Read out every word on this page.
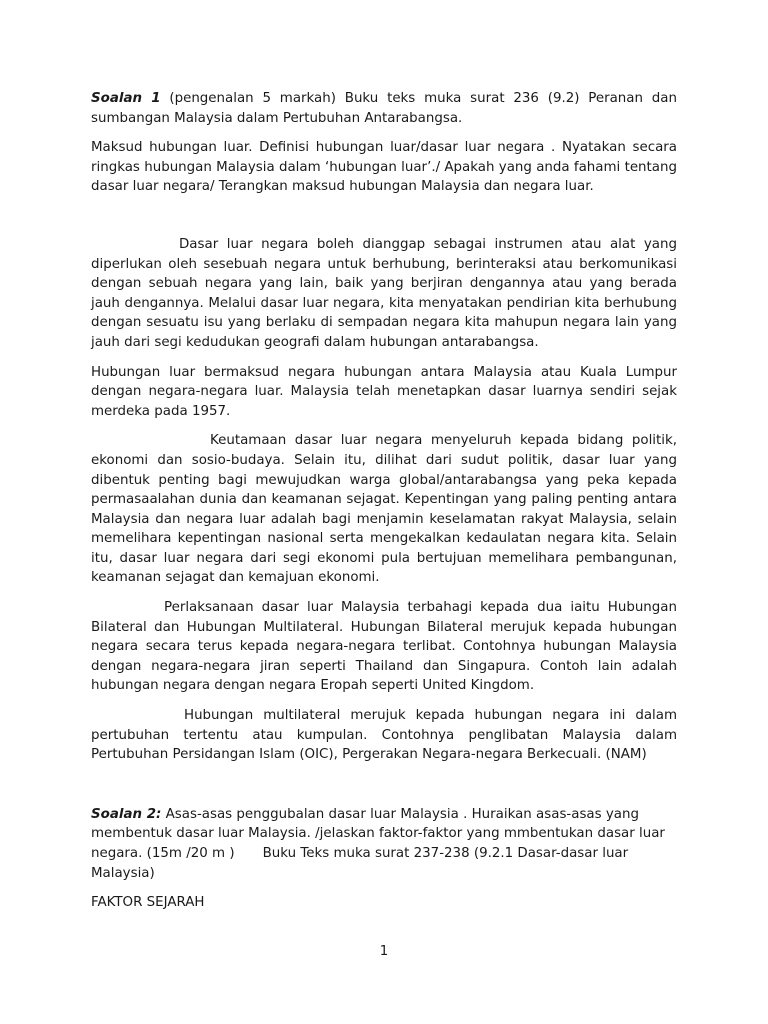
Soalan 1 (pengenalan 5 markah) Buku teks muka surat 236 (9.2) Peranan dan sumbangan Malaysia dalam Pertubuhan Antarabangsa.

Maksud hubungan luar. Definisi hubungan luar/dasar luar negara . Nyatakan secara ringkas hubungan Malaysia dalam ‘hubungan luar’./ Apakah yang anda fahami tentang dasar luar negara/ Terangkan maksud hubungan Malaysia dan negara luar.

Dasar luar negara boleh dianggap sebagai instrumen atau alat yang diperlukan oleh sesebuah negara untuk berhubung, berinteraksi atau berkomunikasi dengan sebuah negara yang lain, baik yang berjiran dengannya atau yang berada jauh dengannya. Melalui dasar luar negara, kita menyatakan pendirian kita berhubung dengan sesuatu isu yang berlaku di sempadan negara kita mahupun negara lain yang jauh dari segi kedudukan geografi dalam hubungan antarabangsa.

Hubungan luar bermaksud negara hubungan antara Malaysia atau Kuala Lumpur dengan negara-negara luar. Malaysia telah menetapkan dasar luarnya sendiri sejak merdeka pada 1957.

Keutamaan dasar luar negara menyeluruh kepada bidang politik, ekonomi dan sosio-budaya. Selain itu, dilihat dari sudut politik, dasar luar yang dibentuk penting bagi mewujudkan warga global/antarabangsa yang peka kepada permasaalahan dunia dan keamanan sejagat. Kepentingan yang paling penting antara Malaysia dan negara luar adalah bagi menjamin keselamatan rakyat Malaysia, selain memelihara kepentingan nasional serta mengekalkan kedaulatan negara kita. Selain itu, dasar luar negara dari segi ekonomi pula bertujuan memelihara pembangunan, keamanan sejagat dan kemajuan ekonomi.

Perlaksanaan dasar luar Malaysia terbahagi kepada dua iaitu Hubungan Bilateral dan Hubungan Multilateral. Hubungan Bilateral merujuk kepada hubungan negara secara terus kepada negara-negara terlibat. Contohnya hubungan Malaysia dengan negara-negara jiran seperti Thailand dan Singapura. Contoh lain adalah hubungan negara dengan negara Eropah seperti United Kingdom.

Hubungan multilateral merujuk kepada hubungan negara ini dalam pertubuhan tertentu atau kumpulan. Contohnya penglibatan Malaysia dalam Pertubuhan Persidangan Islam (OIC), Pergerakan Negara-negara Berkecuali. (NAM)

Soalan 2: Asas-asas penggubalan dasar luar Malaysia . Huraikan asas-asas yang membentuk dasar luar Malaysia. /jelaskan faktor-faktor yang mmbentukan dasar luar negara. (15m /20 m ) Buku Teks muka surat 237-238 (9.2.1 Dasar-dasar luar Malaysia)

FAKTOR SEJARAH

1
